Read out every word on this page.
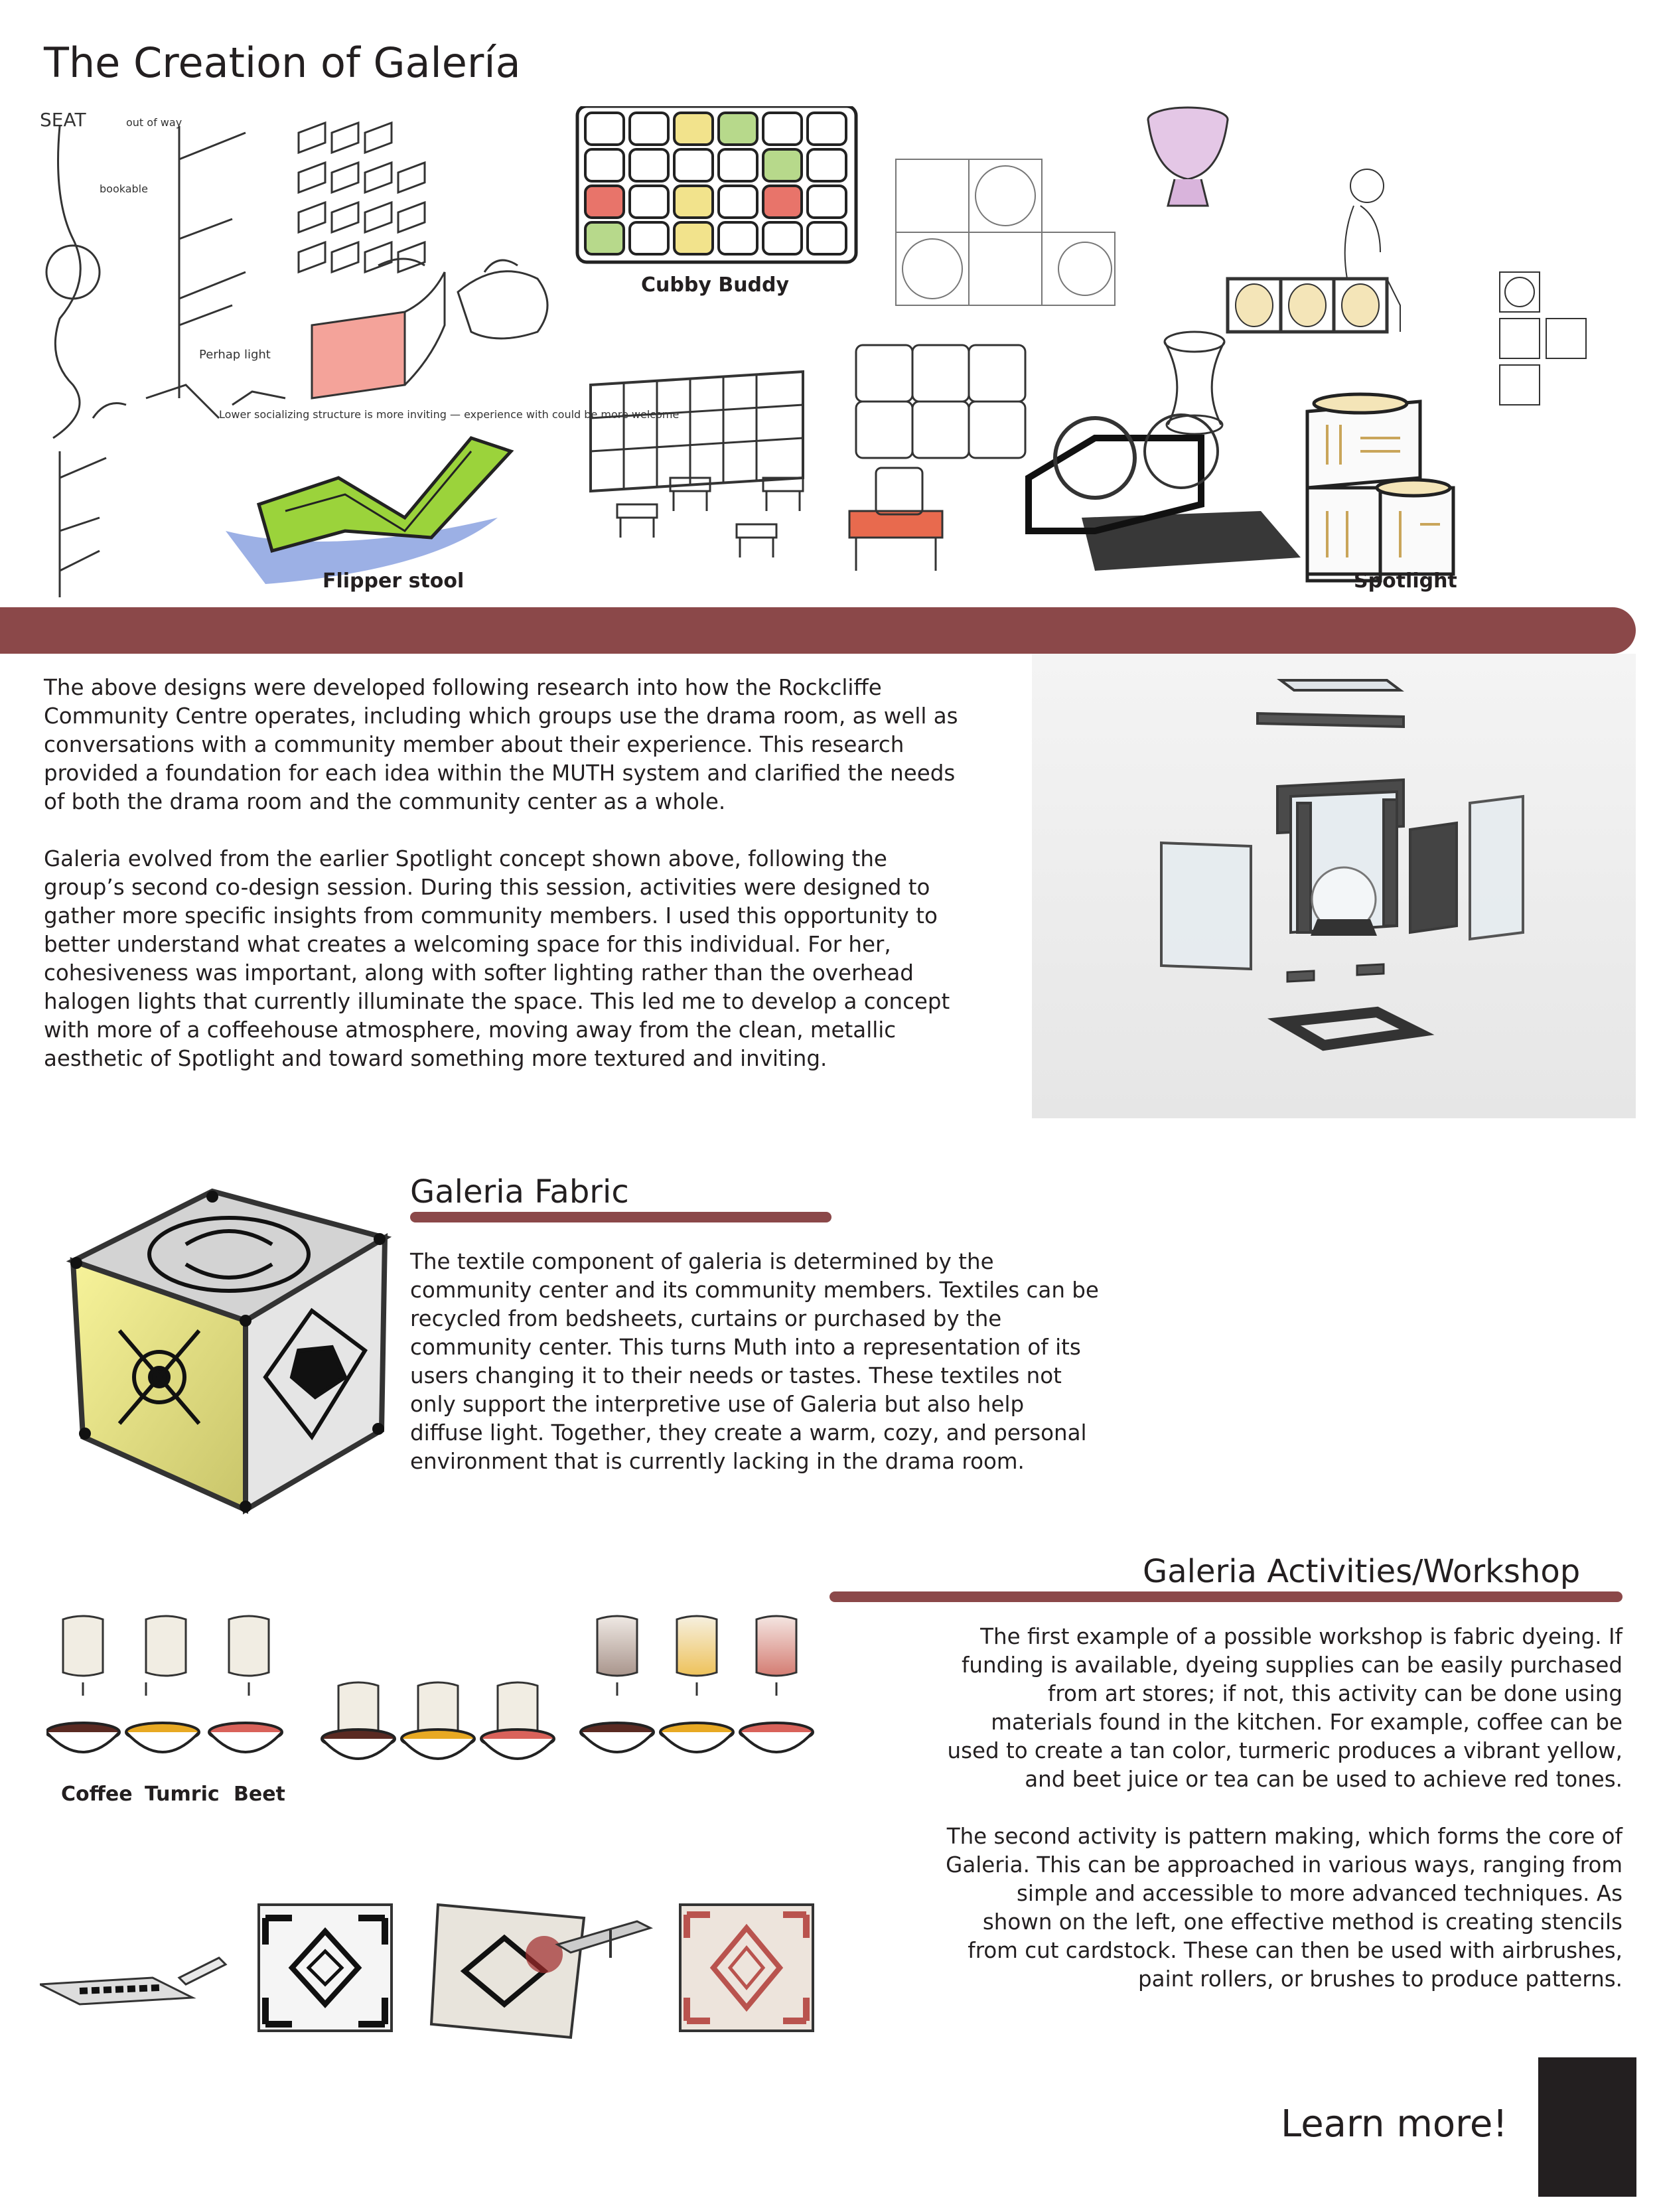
The Creation of Galería
SEAT	out of way
bookable
Perhap light
Lower socializing structure is more inviting — experience with could be more welcome
Flipper stool
Cubby Buddy
Spotlight

The above designs were developed following research into how the Rockcliffe Community Centre operates, including which groups use the drama room, as well as conversations with a community member about their experience. This research provided a foundation for each idea within the MUTH system and clarified the needs of both the drama room and the community center as a whole.

Galeria evolved from the earlier Spotlight concept shown above, following the group’s second co-design session. During this session, activities were designed to gather more specific insights from community members. I used this opportunity to better understand what creates a welcoming space for this individual. For her, cohesiveness was important, along with softer lighting rather than the overhead halogen lights that currently illuminate the space. This led me to develop a concept with more of a coffeehouse atmosphere, moving away from the clean, metallic aesthetic of Spotlight and toward something more textured and inviting.

Galeria Fabric
The textile component of galeria is determined by the community center and its community members. Textiles can be recycled from bedsheets, curtains or purchased by the community center. This turns Muth into a representation of its users changing it to their needs or tastes. These textiles not only support the interpretive use of Galeria but also help diffuse light. Together, they create a warm, cozy, and personal environment that is currently lacking in the drama room.
Galeria Activities/Workshop

The first example of a possible workshop is fabric dyeing. If funding is available, dyeing supplies can be easily purchased from art stores; if not, this activity can be done using materials found in the kitchen. For example, coffee can be used to create a tan color, turmeric produces a vibrant yellow, and beet juice or tea can be used to achieve red tones.

The second activity is pattern making, which forms the core of Galeria. This can be approached in various ways, ranging from simple and accessible to more advanced techniques. As shown on the left, one effective method is creating stencils from cut cardstock. These can then be used with airbrushes, paint rollers, or brushes to produce patterns.

Coffee Tumric Beet
Learn more!
